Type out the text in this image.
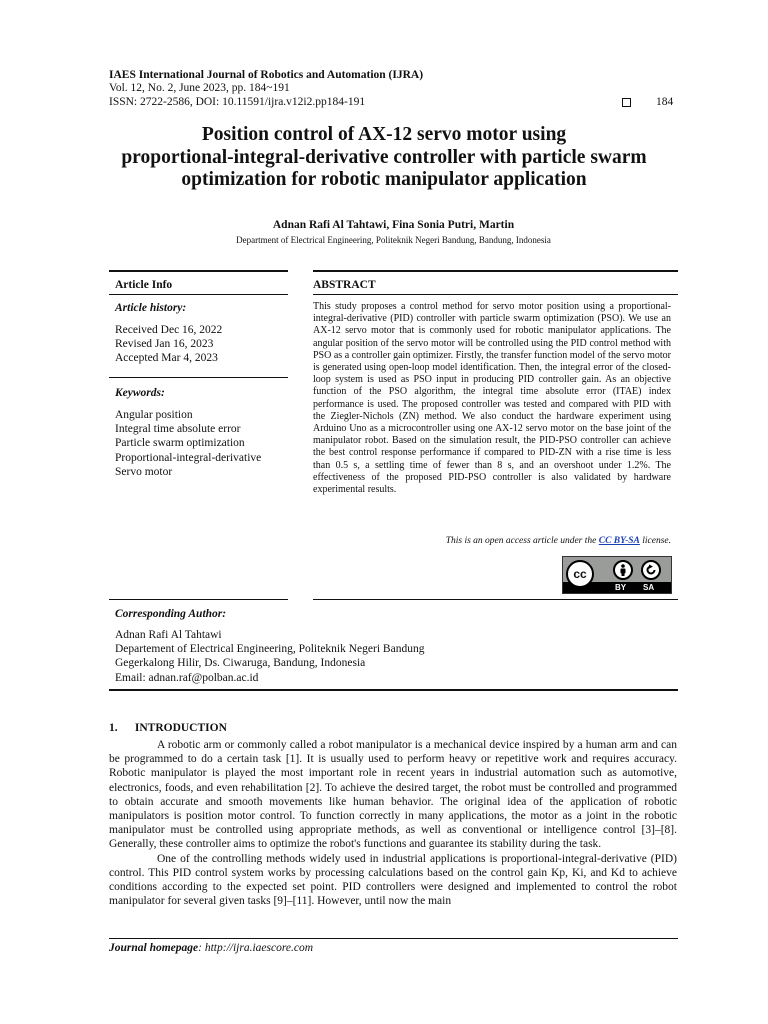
IAES International Journal of Robotics and Automation (IJRA)
Vol. 12, No. 2, June 2023, pp. 184~191
ISSN: 2722-2586, DOI: 10.11591/ijra.v12i2.pp184-191	184
Position control of AX-12 servo motor using
proportional-integral-derivative controller with particle swarm
optimization for robotic manipulator application
Adnan Rafi Al Tahtawi, Fina Sonia Putri, Martin
Department of Electrical Engineering, Politeknik Negeri Bandung, Bandung, Indonesia
Article Info	ABSTRACT
Article history:
Received Dec 16, 2022
Revised Jan 16, 2023
Accepted Mar 4, 2023
Keywords:
Angular position
Integral time absolute error
Particle swarm optimization
Proportional-integral-derivative
Servo motor
This study proposes a control method for servo motor position using a proportional-integral-derivative (PID) controller with particle swarm optimization (PSO). We use an AX-12 servo motor that is commonly used for robotic manipulator applications. The angular position of the servo motor will be controlled using the PID control method with PSO as a controller gain optimizer. Firstly, the transfer function model of the servo motor is generated using open-loop model identification. Then, the integral error of the closed-loop system is used as PSO input in producing PID controller gain. As an objective function of the PSO algorithm, the integral time absolute error (ITAE) index performance is used. The proposed controller was tested and compared with PID with the Ziegler-Nichols (ZN) method. We also conduct the hardware experiment using Arduino Uno as a microcontroller using one AX-12 servo motor on the base joint of the manipulator robot. Based on the simulation result, the PID-PSO controller can achieve the best control response performance if compared to PID-ZN with a rise time is less than 0.5 s, a settling time of fewer than 8 s, and an overshoot under 1.2%. The effectiveness of the proposed PID-PSO controller is also validated by hardware experimental results.
This is an open access article under the CC BY-SA license.
cc
BY SA
Corresponding Author:
Adnan Rafi Al Tahtawi
Departement of Electrical Engineering, Politeknik Negeri Bandung
Gegerkalong Hilir, Ds. Ciwaruga, Bandung, Indonesia
Email: adnan.raf@polban.ac.id
1.      INTRODUCTION

A robotic arm or commonly called a robot manipulator is a mechanical device inspired by a human arm and can be programmed to do a certain task [1]. It is usually used to perform heavy or repetitive work and requires accuracy. Robotic manipulator is played the most important role in recent years in industrial automation such as automotive, electronics, foods, and even rehabilitation [2]. To achieve the desired target, the robot must be controlled and programmed to obtain accurate and smooth movements like human behavior. The original idea of the application of robotic manipulators is position motor control. To function correctly in many applications, the motor as a joint in the robotic manipulator must be controlled using appropriate methods, as well as conventional or intelligence control [3]–[8]. Generally, these controller aims to optimize the robot's functions and guarantee its stability during the task.

One of the controlling methods widely used in industrial applications is proportional-integral-derivative (PID) control. This PID control system works by processing calculations based on the control gain Kp, Ki, and Kd to achieve conditions according to the expected set point. PID controllers were designed and implemented to control the robot manipulator for several given tasks [9]–[11]. However, until now the main

Journal homepage: http://ijra.iaescore.com
